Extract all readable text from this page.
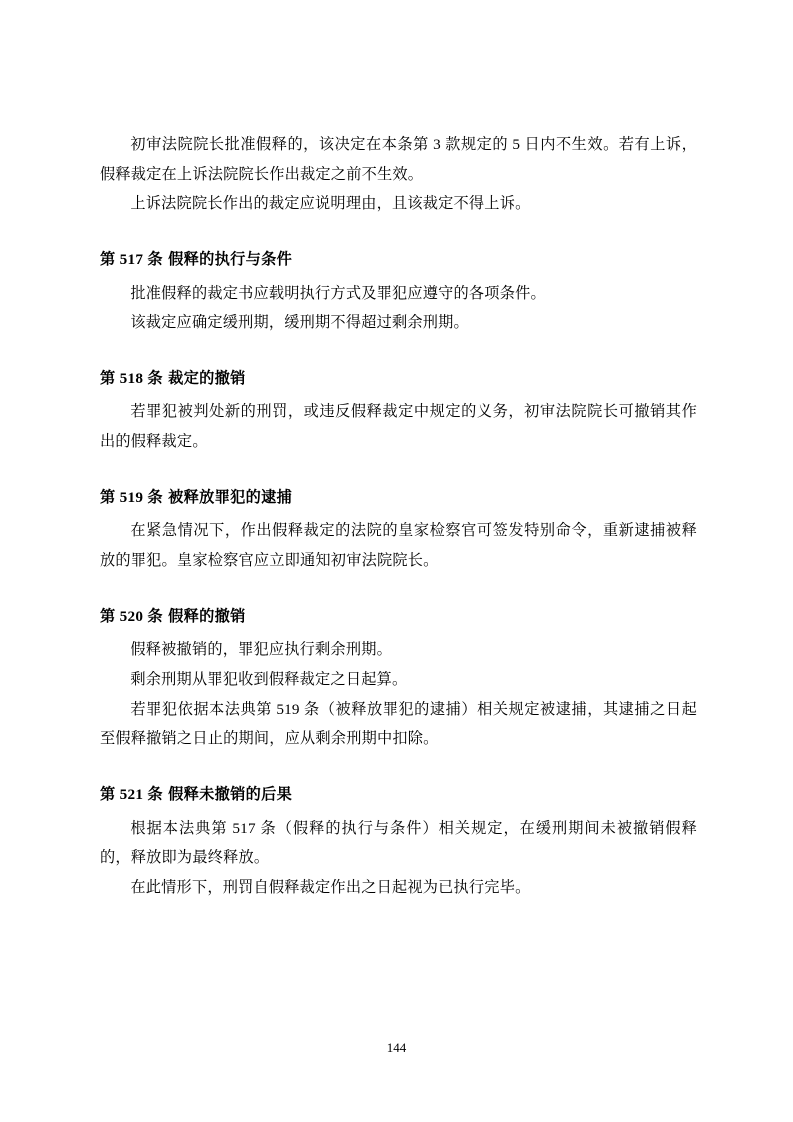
初审法院院长批准假释的，该决定在本条第 3 款规定的 5 日内不生效。若有上诉，假释裁定在上诉法院院长作出裁定之前不生效。

上诉法院院长作出的裁定应说明理由，且该裁定不得上诉。

第 517 条 假释的执行与条件

批准假释的裁定书应载明执行方式及罪犯应遵守的各项条件。

该裁定应确定缓刑期，缓刑期不得超过剩余刑期。

第 518 条 裁定的撤销

若罪犯被判处新的刑罚，或违反假释裁定中规定的义务，初审法院院长可撤销其作出的假释裁定。

第 519 条 被释放罪犯的逮捕

在紧急情况下，作出假释裁定的法院的皇家检察官可签发特别命令，重新逮捕被释放的罪犯。皇家检察官应立即通知初审法院院长。

第 520 条 假释的撤销

假释被撤销的，罪犯应执行剩余刑期。

剩余刑期从罪犯收到假释裁定之日起算。

若罪犯依据本法典第 519 条（被释放罪犯的逮捕）相关规定被逮捕，其逮捕之日起至假释撤销之日止的期间，应从剩余刑期中扣除。

第 521 条 假释未撤销的后果

根据本法典第 517 条（假释的执行与条件）相关规定，在缓刑期间未被撤销假释的，释放即为最终释放。

在此情形下，刑罚自假释裁定作出之日起视为已执行完毕。

144
